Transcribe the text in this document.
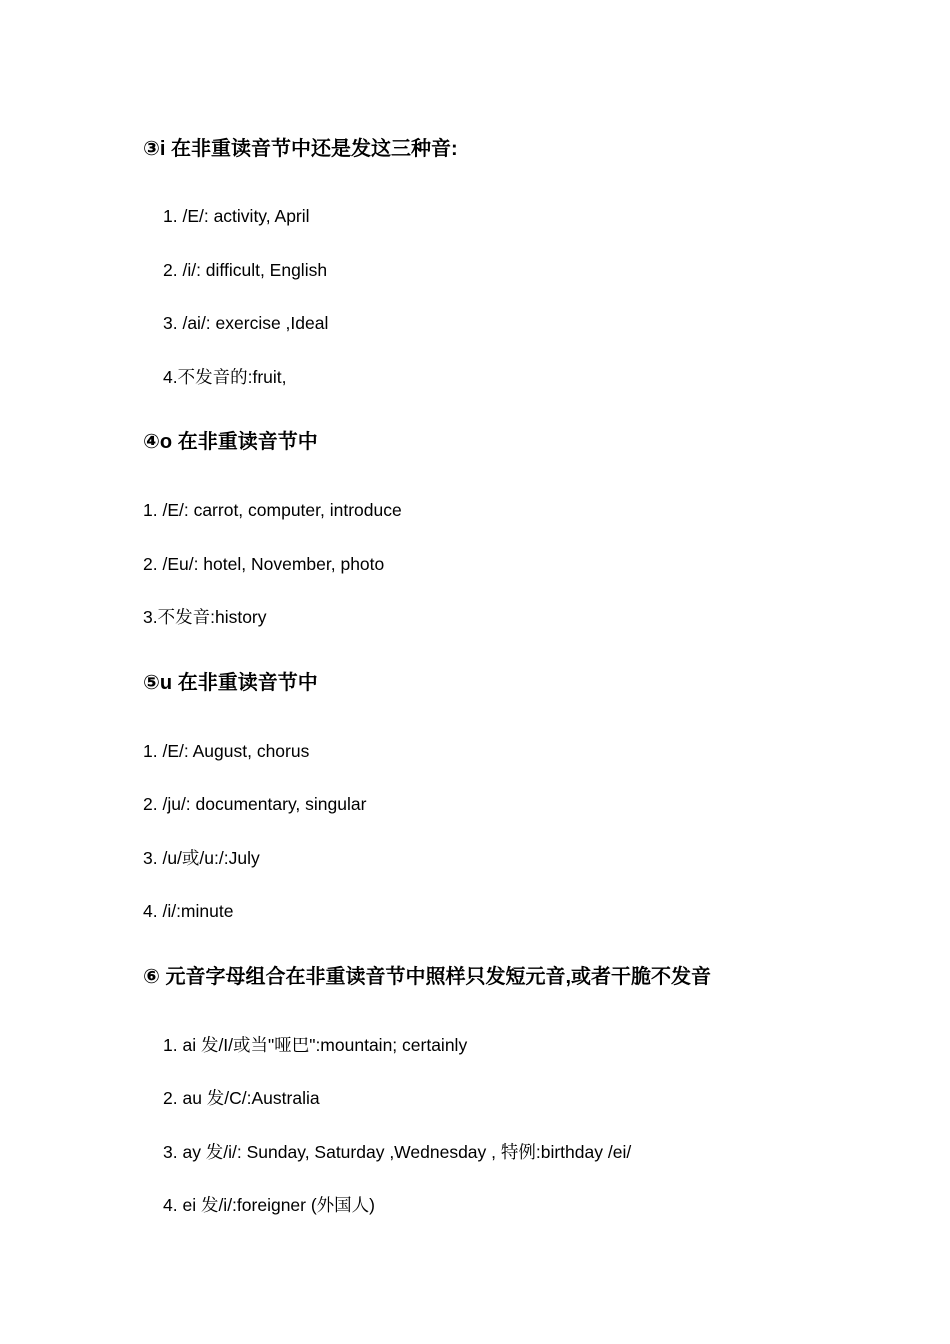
③i 在非重读音节中还是发这三种音:
1. /E/: activity, April
2. /i/: difficult, English
3. /ai/: exercise ,Ideal
4.不发音的:fruit,
④o 在非重读音节中
1. /E/: carrot, computer, introduce
2. /Eu/: hotel, November, photo
3.不发音:history
⑤u 在非重读音节中
1. /E/: August, chorus
2. /ju/: documentary, singular
3. /u/或/u:/:July
4. /i/:minute
⑥ 元音字母组合在非重读音节中照样只发短元音,或者干脆不发音
1. ai 发/I/或当"哑巴":mountain; certainly
2. au 发/C/:Australia
3. ay 发/i/: Sunday, Saturday ,Wednesday , 特例:birthday /ei/
4. ei 发/i/:foreigner (外国人)
